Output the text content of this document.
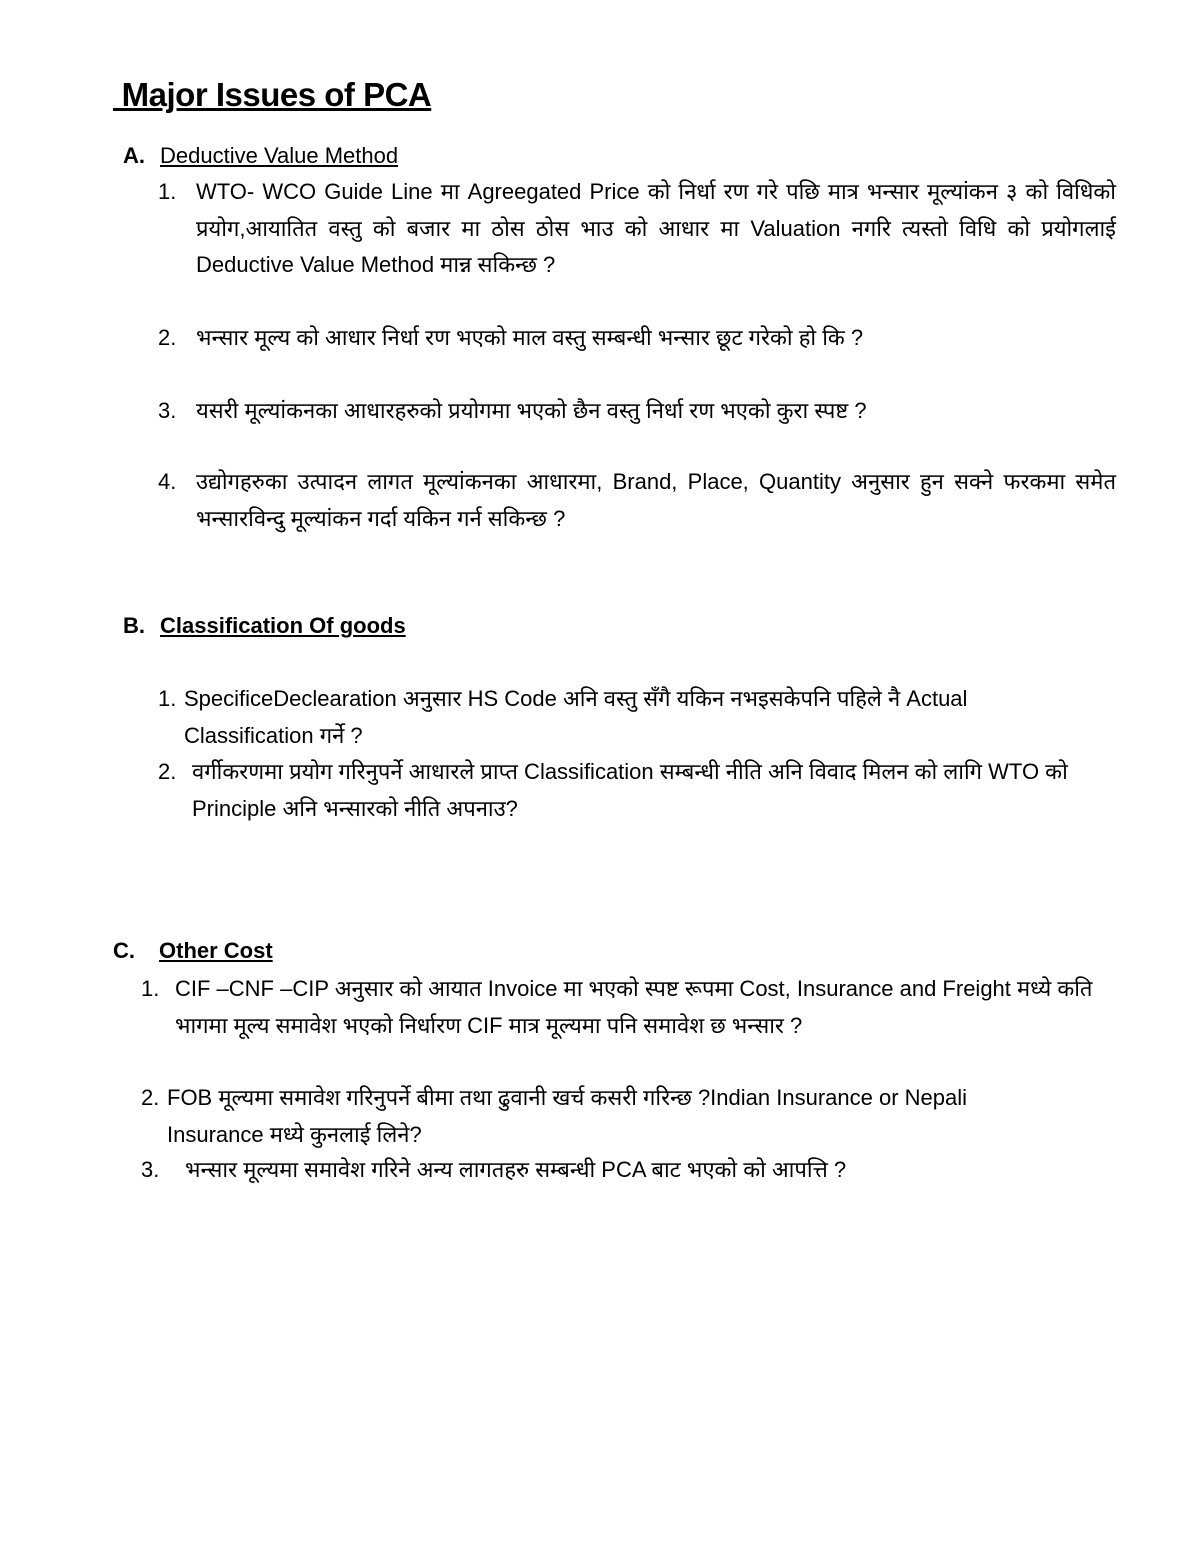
Major Issues of PCA
A. Deductive Value Method
1. WTO- WCO Guide Line मा Agreegated Price को निर्धा रण गरे पछि मात्र भन्सार मूल्यांकन ३ को विधिको प्रयोग,आयातित वस्तु को बजार मा ठोस ठोस भाउ को आधार मा Valuation नगरि त्यस्तो विधि को प्रयोगलाई Deductive Value Method मान्न सकिन्छ ?
2. भन्सार मूल्य को आधार निर्धा रण भएको माल वस्तु सम्बन्धी भन्सार छूट गरेको हो कि ?
3. यसरी मूल्यांकनका आधारहरुको प्रयोगमा भएको छैन वस्तु निर्धा रण भएको कुरा स्पष्ट ?
4. उद्योगहरुका उत्पादन लागत मूल्यांकनका आधारमा, Brand, Place, Quantity अनुसार हुन सक्ने फरकमा समेत भन्सारविन्दु मूल्यांकन गर्दा यकिन गर्न सकिन्छ ?
B. Classification Of goods
1. SpecificeDeclearation अनुसार HS Code अनि वस्तु सँगै यकिन नभइसकेपनि पहिले नै Actual Classification गर्ने ?
2. वर्गीकरणमा प्रयोग गरिनुपर्ने आधारले प्राप्त Classification सम्बन्धी नीति अनि विवाद मिलन को लागि WTO को Principle अनि भन्सारको नीति अपनाउ?
C. Other Cost
1. CIF –CNF –CIP अनुसार को आयात Invoice मा भएको स्पष्ट रूपमा Cost, Insurance and Freight मध्ये कति भागमा मूल्य समावेश भएको निर्धारण CIF मात्र मूल्यमा पनि समावेश छ भन्सार ?
2. FOB मूल्यमा समावेश गरिनुपर्ने बीमा तथा ढुवानी खर्च कसरी गरिन्छ ?Indian Insurance or Nepali Insurance मध्ये कुनलाई लिने?
3. भन्सार मूल्यमा समावेश गरिने अन्य लागतहरु सम्बन्धी PCA बाट भएको को आपत्ति ?
